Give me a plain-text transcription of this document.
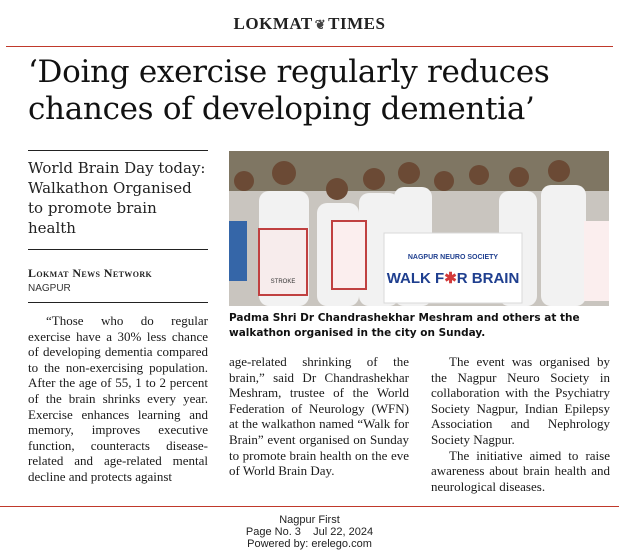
LOKMAT ❦ TIMES
‘Doing exercise regularly reduces chances of developing dementia’
World Brain Day today: Walkathon Organised to promote brain health
Lokmat News Network
NAGPUR
STROKE
NAGPUR NEURO SOCIETY
WALK F✱R BRAIN
Padma Shri Dr Chandrashekhar Meshram and others at the walkathon organised in the city on Sunday.

“Those who do regular exercise have a 30% less chance of developing dementia compared to the non-exercising population. After the age of 55, 1 to 2 percent of the brain shrinks every year. Exercise enhances learning and memory, improves executive function, counteracts disease-related and age-related mental decline and protects against

age-related shrinking of the brain,” said Dr Chandrashekhar Meshram, trustee of the World Federation of Neurology (WFN) at the walkathon named “Walk for Brain” event organised on Sunday to promote brain health on the eve of World Brain Day.

The event was organised by the Nagpur Neuro Society in collaboration with the Psychiatry Society Nagpur, Indian Epilepsy Association and Nephrology Society Nagpur.

The initiative aimed to raise awareness about brain health and neurological diseases.

Nagpur First
Page No. 3    Jul 22, 2024
Powered by: erelego.com
